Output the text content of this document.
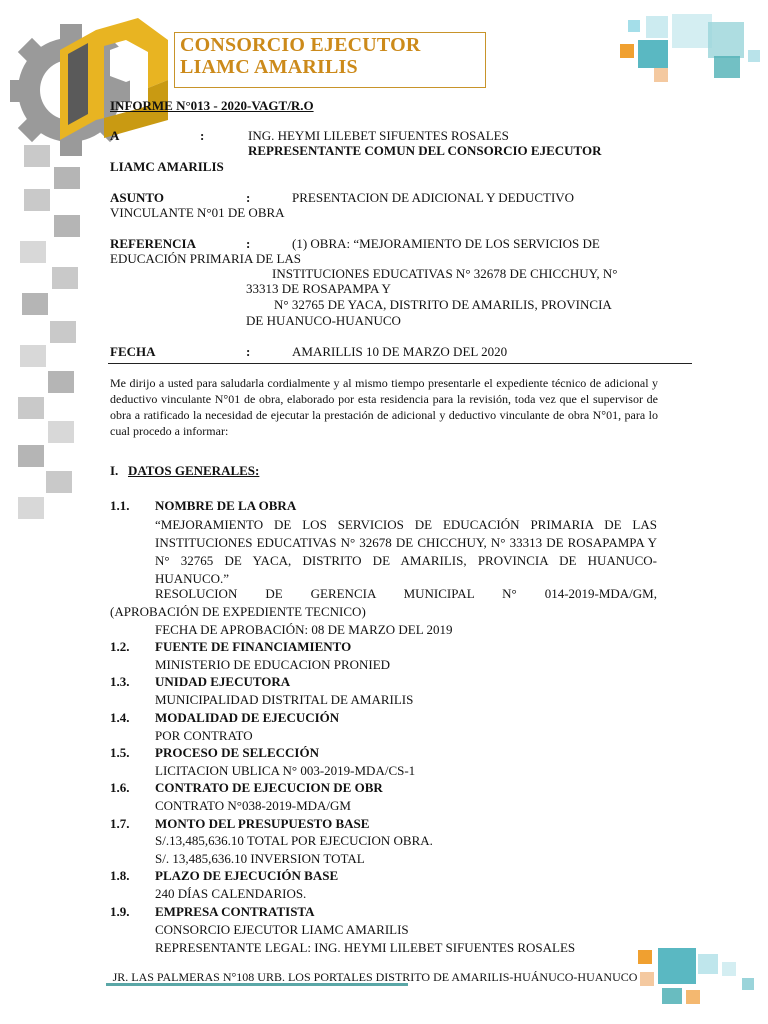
CONSORCIO EJECUTOR
LIAMC AMARILIS
INFORME N°013 - 2020-VAGT/R.O
A	:	ING. HEYMI LILEBET SIFUENTES ROSALES
REPRESENTANTE COMUN DEL CONSORCIO EJECUTOR
LIAMC AMARILIS
ASUNTO	:	PRESENTACION DE ADICIONAL Y DEDUCTIVO
VINCULANTE N°01 DE OBRA
REFERENCIA	:	(1) OBRA: “MEJORAMIENTO DE LOS SERVICIOS DE
EDUCACIÓN PRIMARIA DE LAS
INSTITUCIONES EDUCATIVAS N° 32678 DE CHICCHUY, N°
33313 DE ROSAPAMPA Y
N° 32765 DE YACA, DISTRITO DE AMARILIS, PROVINCIA
DE HUANUCO-HUANUCO
FECHA	:	AMARILLIS 10 DE MARZO DEL 2020
Me dirijo a usted para saludarla cordialmente y al mismo tiempo presentarle el expediente técnico de adicional y deductivo vinculante N°01 de obra, elaborado por esta residencia para la revisión, toda vez que el supervisor de obra a ratificado la necesidad de ejecutar la prestación de adicional y deductivo vinculante de obra N°01, para lo cual procedo a informar:
I. DATOS GENERALES:
1.1. NOMBRE DE LA OBRA
“MEJORAMIENTO DE LOS SERVICIOS DE EDUCACIÓN PRIMARIA DE LAS INSTITUCIONES EDUCATIVAS N° 32678 DE CHICCHUY, N° 33313 DE ROSAPAMPA Y N° 32765 DE YACA, DISTRITO DE AMARILIS, PROVINCIA DE HUANUCO-HUANUCO.”
RESOLUCION DE GERENCIA MUNICIPAL N° 014-2019-MDA/GM,
(APROBACIÓN DE EXPEDIENTE TECNICO)
FECHA DE APROBACIÓN: 08 DE MARZO DEL 2019
1.2. FUENTE DE FINANCIAMIENTO
MINISTERIO DE EDUCACION PRONIED
1.3. UNIDAD EJECUTORA
MUNICIPALIDAD DISTRITAL DE AMARILIS
1.4. MODALIDAD DE EJECUCIÓN
POR CONTRATO
1.5. PROCESO DE SELECCIÓN
LICITACION UBLICA N° 003-2019-MDA/CS-1
1.6. CONTRATO DE EJECUCION DE OBR
CONTRATO N°038-2019-MDA/GM
1.7. MONTO DEL PRESUPUESTO BASE
S/.13,485,636.10 TOTAL POR EJECUCION OBRA.
S/. 13,485,636.10 INVERSION TOTAL
1.8. PLAZO DE EJECUCIÓN BASE
240 DÍAS CALENDARIOS.
1.9. EMPRESA CONTRATISTA
CONSORCIO EJECUTOR LIAMC AMARILIS
REPRESENTANTE LEGAL: ING. HEYMI LILEBET SIFUENTES ROSALES
JR. LAS PALMERAS N°108 URB. LOS PORTALES DISTRITO DE AMARILIS-HUÁNUCO-HUANUCO
